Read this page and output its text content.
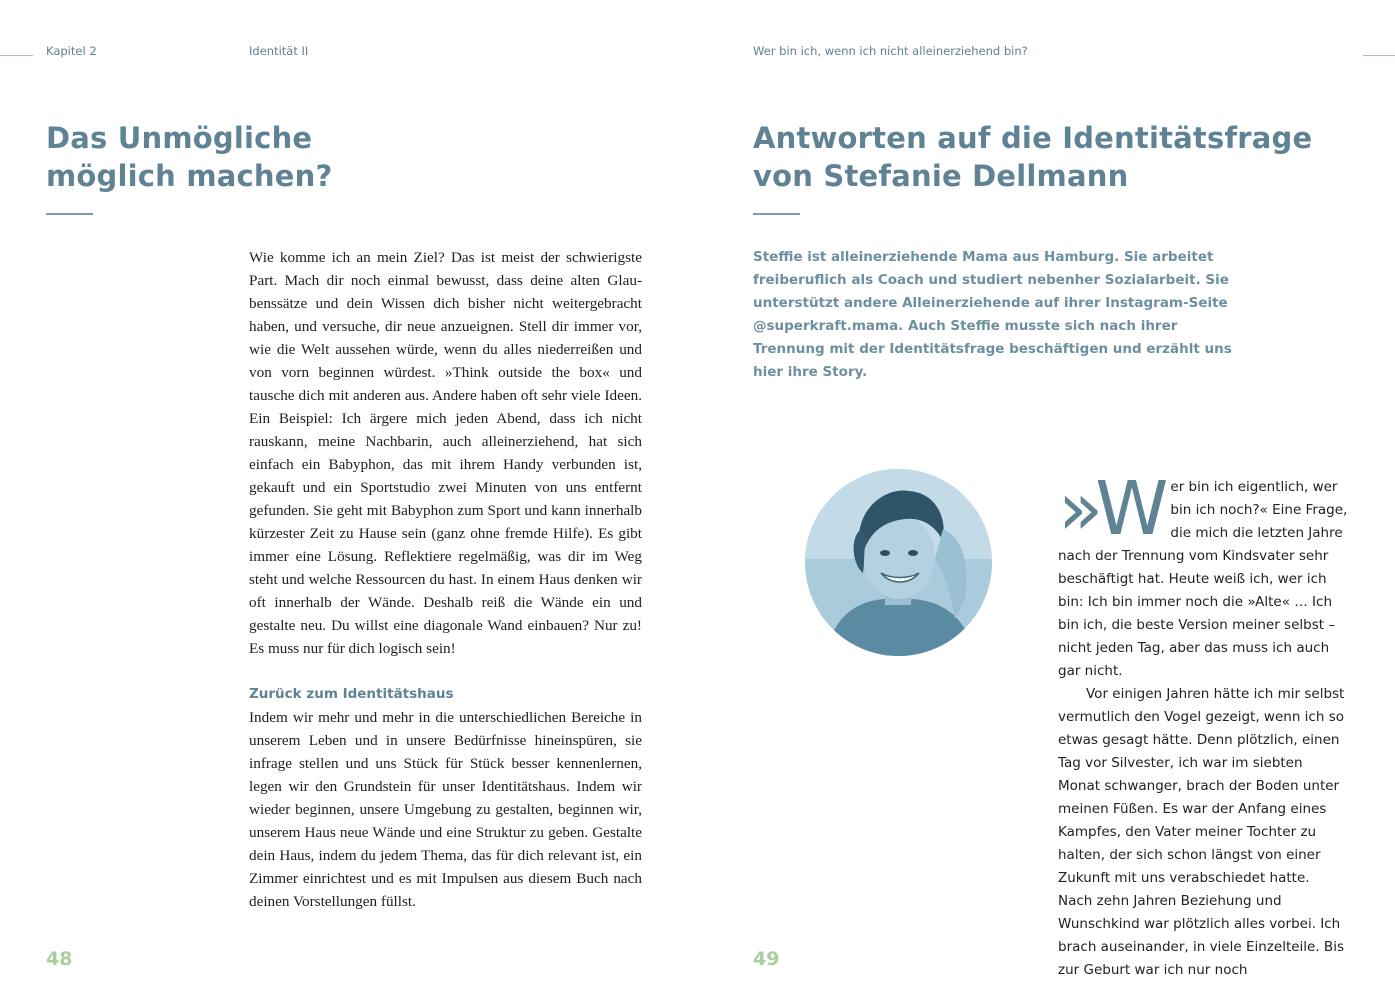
Kapitel 2	Identität II
Das Unmögliche
möglich machen?

Wie komme ich an mein Ziel? Das ist meist der schwierigste Part. Mach dir noch einmal bewusst, dass deine alten Glaubenssätze und dein Wissen dich bisher nicht weitergebracht haben, und versuche, dir neue anzueignen. Stell dir immer vor, wie die Welt aussehen würde, wenn du alles niederreißen und von vorn beginnen würdest. »Think outside the box« und tausche dich mit anderen aus. Andere haben oft sehr viele Ideen. Ein Beispiel: Ich ärgere mich jeden Abend, dass ich nicht rauskann, meine Nachbarin, auch alleinerziehend, hat sich einfach ein Babyphon, das mit ihrem Handy verbunden ist, gekauft und ein Sportstudio zwei Minuten von uns entfernt gefunden. Sie geht mit Babyphon zum Sport und kann innerhalb kürzester Zeit zu Hause sein (ganz ohne fremde Hilfe). Es gibt immer eine Lösung. Reflektiere regelmäßig, was dir im Weg steht und welche Ressourcen du hast. In einem Haus denken wir oft innerhalb der Wände. Deshalb reiß die Wände ein und gestalte neu. Du willst eine diagonale Wand einbauen? Nur zu! Es muss nur für dich logisch sein!

Zurück zum Identitätshaus

Indem wir mehr und mehr in die unterschiedlichen Bereiche in unserem Leben und in unsere Bedürfnisse hineinspüren, sie infrage stellen und uns Stück für Stück besser kennenlernen, legen wir den Grundstein für unser Identitätshaus. Indem wir wieder beginnen, unsere Umgebung zu gestalten, beginnen wir, unserem Haus neue Wände und eine Struktur zu geben. Gestalte dein Haus, indem du jedem Thema, das für dich relevant ist, ein Zimmer einrichtest und es mit Impulsen aus diesem Buch nach deinen Vorstellungen füllst.

48
Wer bin ich, wenn ich nicht alleinerziehend bin?
Antworten auf die Identitätsfrage
von Stefanie Dellmann
Steffie ist alleinerziehende Mama aus Hamburg. Sie arbeitet freiberuflich als Coach und studiert nebenher Sozialarbeit. Sie unterstützt andere Alleinerziehende auf ihrer Instagram-Seite @superkraft.mama. Auch Steffie musste sich nach ihrer Trennung mit der Identitätsfrage beschäftigen und erzählt uns hier ihre Story.
»W er bin ich eigentlich, wer bin ich noch?« Eine Frage, die mich die letzten Jahre nach der Trennung vom Kindsvater sehr beschäftigt hat. Heute weiß ich, wer ich bin: Ich bin immer noch die »Alte« … Ich bin ich, die beste Version meiner selbst – nicht jeden Tag, aber das muss ich auch gar nicht.

Vor einigen Jahren hätte ich mir selbst vermutlich den Vogel gezeigt, wenn ich so etwas gesagt hätte. Denn plötzlich, einen Tag vor Silvester, ich war im siebten Monat schwanger, brach der Boden unter meinen Füßen. Es war der Anfang eines Kampfes, den Vater meiner Tochter zu halten, der sich schon längst von einer Zukunft mit uns verabschiedet hatte. Nach zehn Jahren Beziehung und Wunschkind war plötzlich alles vorbei. Ich brach auseinander, in viele Einzelteile. Bis zur Geburt war ich nur noch

49
